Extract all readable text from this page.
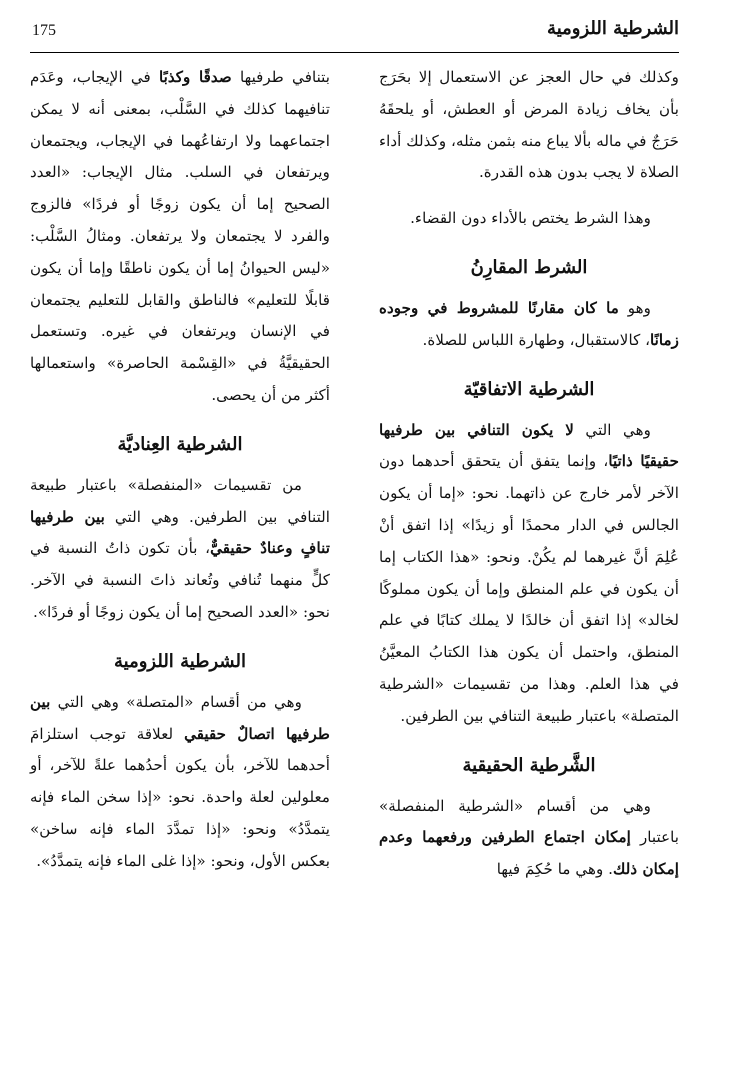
الشرطية اللزومية
175

بتنافي طرفيها صدقًا وكذبًا في الإيجاب، وعَدَم تنافيهما كذلك في السَّلْب، بمعنى أنه لا يمكن اجتماعهما ولا ارتفاعُهما في الإيجاب، ويجتمعان ويرتفعان في السلب. مثال الإيجاب: «العدد الصحيح إما أن يكون زوجًا أو فردًا» فالزوج والفرد لا يجتمعان ولا يرتفعان. ومثالُ السَّلْب: «ليس الحيوانُ إما أن يكون ناطقًا وإما أن يكون قابلًا للتعليم» فالناطق والقابل للتعليم يجتمعان في الإنسان ويرتفعان في غيره. وتستعمل الحقيقيَّةُ في «القِسْمة الحاصرة» واستعمالها أكثر من أن يحصى.

الشرطية العِناديَّة

من تقسيمات «المنفصلة» باعتبار طبيعة التنافي بين الطرفين. وهي التي بين طرفيها تنافٍ وعنادٌ حقيقيٌّ، بأن تكون ذاتُ النسبة في كلٍّ منهما تُنافي وتُعاند ذاتَ النسبة في الآخر. نحو: «العدد الصحيح إما أن يكون زوجًا أو فردًا».

الشرطية اللزومية

وهي من أقسام «المتصلة» وهي التي بين طرفيها اتصالٌ حقيقي لعلاقة توجب استلزامَ أحدهما للآخر، بأن يكون أحدُهما علةً للآخر، أو معلولين لعلة واحدة. نحو: «إذا سخن الماء فإنه يتمدَّدُ» ونحو: «إذا تمدَّدَ الماء فإنه ساخن» بعكس الأول، ونحو: «إذا غلى الماء فإنه يتمدَّدُ».

وكذلك في حال العجز عن الاستعمال إلا بحَرَج بأن يخاف زيادة المرض أو العطش، أو يلحقَهُ حَرَجٌ في ماله بألا يباع منه بثمن مثله، وكذلك أداء الصلاة لا يجب بدون هذه القدرة.

وهذا الشرط يختص بالأداء دون القضاء.

الشرط المقارِنُ

وهو ما كان مقارنًا للمشروط في وجوده زمانًا، كالاستقبال، وطهارة اللباس للصلاة.

الشرطية الاتفاقيّة

وهي التي لا يكون التنافي بين طرفيها حقيقيًا ذاتيًا، وإنما يتفق أن يتحقق أحدهما دون الآخر لأمر خارج عن ذاتهما. نحو: «إما أن يكون الجالس في الدار محمدًا أو زيدًا» إذا اتفق أنْ عُلِمَ أنَّ غيرهما لم يكُنْ. ونحو: «هذا الكتاب إما أن يكون في علم المنطق وإما أن يكون مملوكًا لخالد» إذا اتفق أن خالدًا لا يملك كتابًا في علم المنطق، واحتمل أن يكون هذا الكتابُ المعيَّنُ في هذا العلم. وهذا من تقسيمات «الشرطية المتصلة» باعتبار طبيعة التنافي بين الطرفين.

الشَّرطية الحقيقية

وهي من أقسام «الشرطية المنفصلة» باعتبار إمكان اجتماع الطرفين ورفعهما وعدم إمكان ذلك. وهي ما حُكِمَ فيها
